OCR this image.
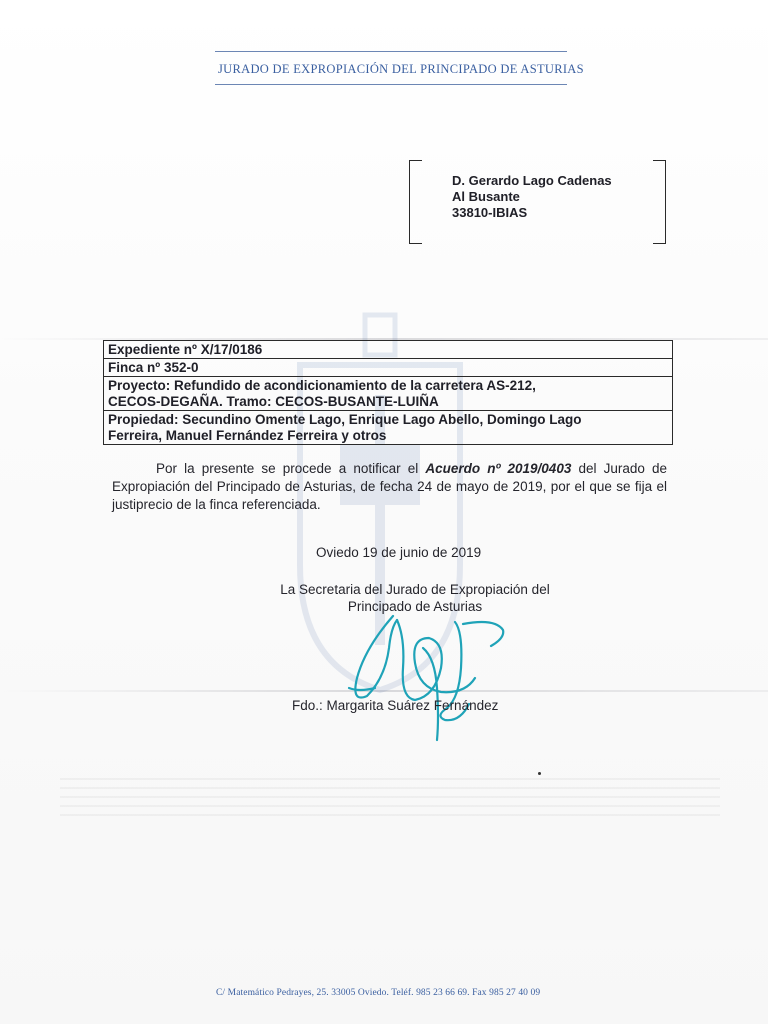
JURADO DE EXPROPIACIÓN DEL PRINCIPADO DE ASTURIAS
D. Gerardo Lago Cadenas
Al Busante
33810-IBIAS
Expediente nº X/17/0186
Finca nº 352-0

Proyecto: Refundido de acondicionamiento de la carretera AS-212,
CECOS-DEGAÑA. Tramo: CECOS-BUSANTE-LUIÑA

Propiedad: Secundino Omente Lago, Enrique Lago Abello, Domingo Lago
Ferreira, Manuel Fernández Ferreira y otros
Por la presente se procede a notificar el Acuerdo nº 2019/0403 del Jurado de Expropiación del Principado de Asturias, de fecha 24 de mayo de 2019, por el que se fija el justiprecio de la finca referenciada.
Oviedo 19 de junio de 2019
La Secretaria del Jurado de Expropiación del
Principado de Asturias
Fdo.: Margarita Suárez Fernández
C/ Matemático Pedrayes, 25. 33005 Oviedo. Teléf. 985 23 66 69. Fax 985 27 40 09
